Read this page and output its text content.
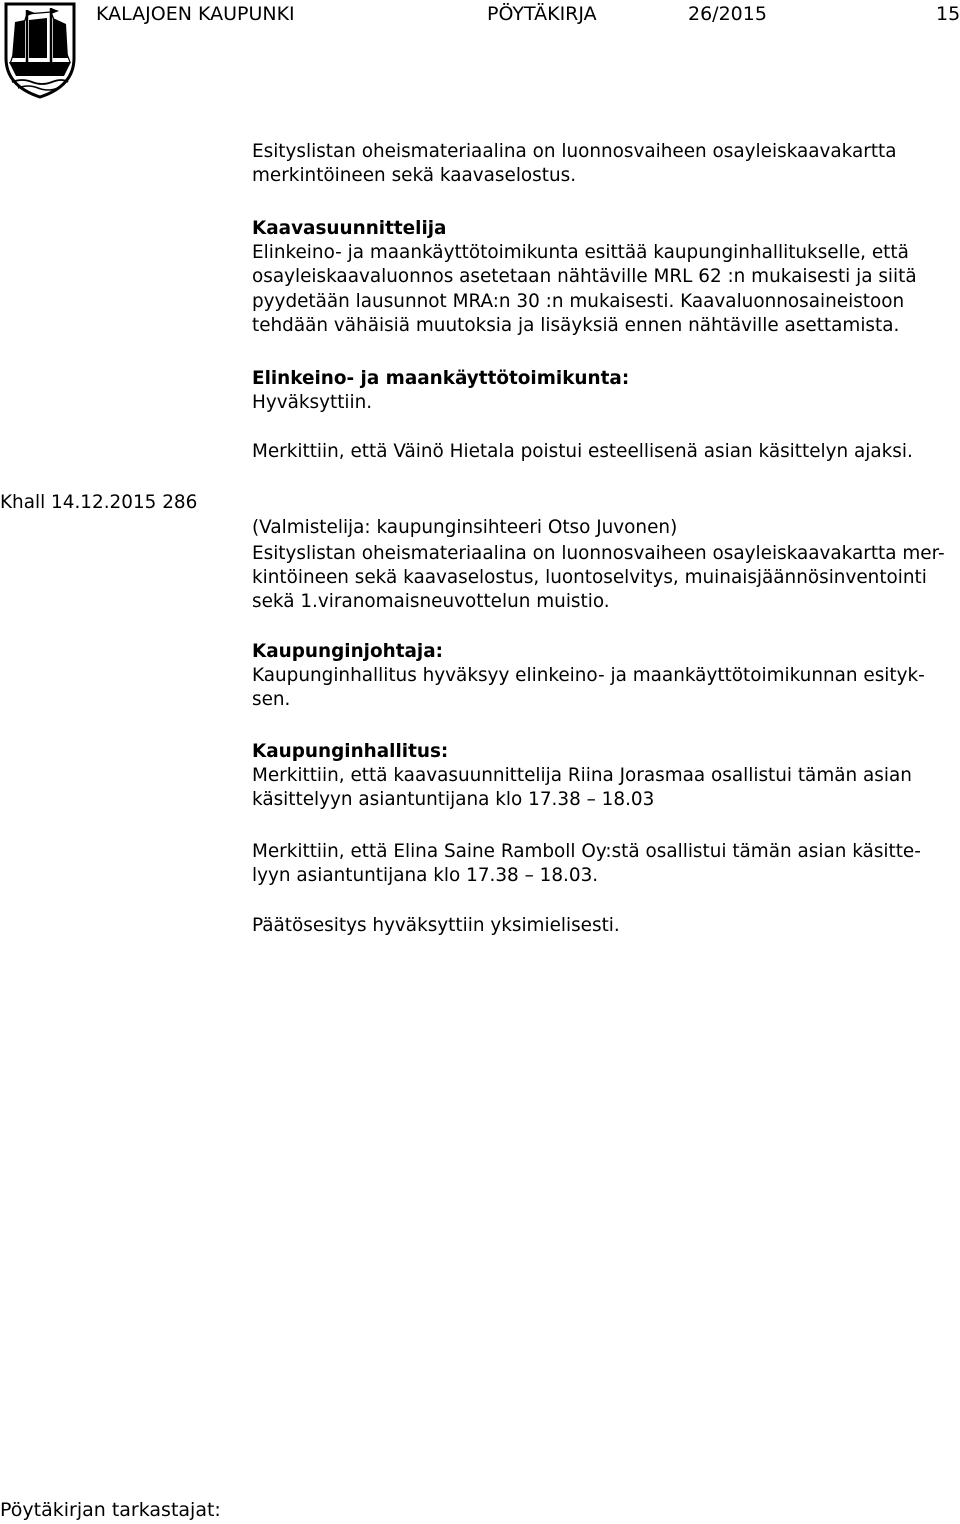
KALAJOEN KAUPUNKI	PÖYTÄKIRJA	26/2015	15

Esityslistan oheismateriaalina on luonnosvaiheen osayleiskaavakartta

merkintöineen sekä kaavaselostus.

Kaavasuunnittelija

Elinkeino- ja maankäyttötoimikunta esittää kaupunginhallitukselle, että

osayleiskaavaluonnos asetetaan nähtäville MRL 62 :n mukaisesti ja siitä

pyydetään lausunnot MRA:n 30 :n mukaisesti. Kaavaluonnosaineistoon

tehdään vähäisiä muutoksia ja lisäyksiä ennen nähtäville asettamista.

Elinkeino- ja maankäyttötoimikunta:

Hyväksyttiin.

Merkittiin, että Väinö Hietala poistui esteellisenä asian käsittelyn ajaksi.

Khall 14.12.2015 286

(Valmistelija: kaupunginsihteeri Otso Juvonen)

Esityslistan oheismateriaalina on luonnosvaiheen osayleiskaavakartta mer-

kintöineen sekä kaavaselostus, luontoselvitys, muinaisjäännösinventointi

sekä 1.viranomaisneuvottelun muistio.

Kaupunginjohtaja:

Kaupunginhallitus hyväksyy elinkeino- ja maankäyttötoimikunnan esityk-

sen.

Kaupunginhallitus:

Merkittiin, että kaavasuunnittelija Riina Jorasmaa osallistui tämän asian

käsittelyyn asiantuntijana klo 17.38 – 18.03

Merkittiin, että Elina Saine Ramboll Oy:stä osallistui tämän asian käsitte-

lyyn asiantuntijana klo 17.38 – 18.03.

Päätösesitys hyväksyttiin yksimielisesti.

Pöytäkirjan tarkastajat:
